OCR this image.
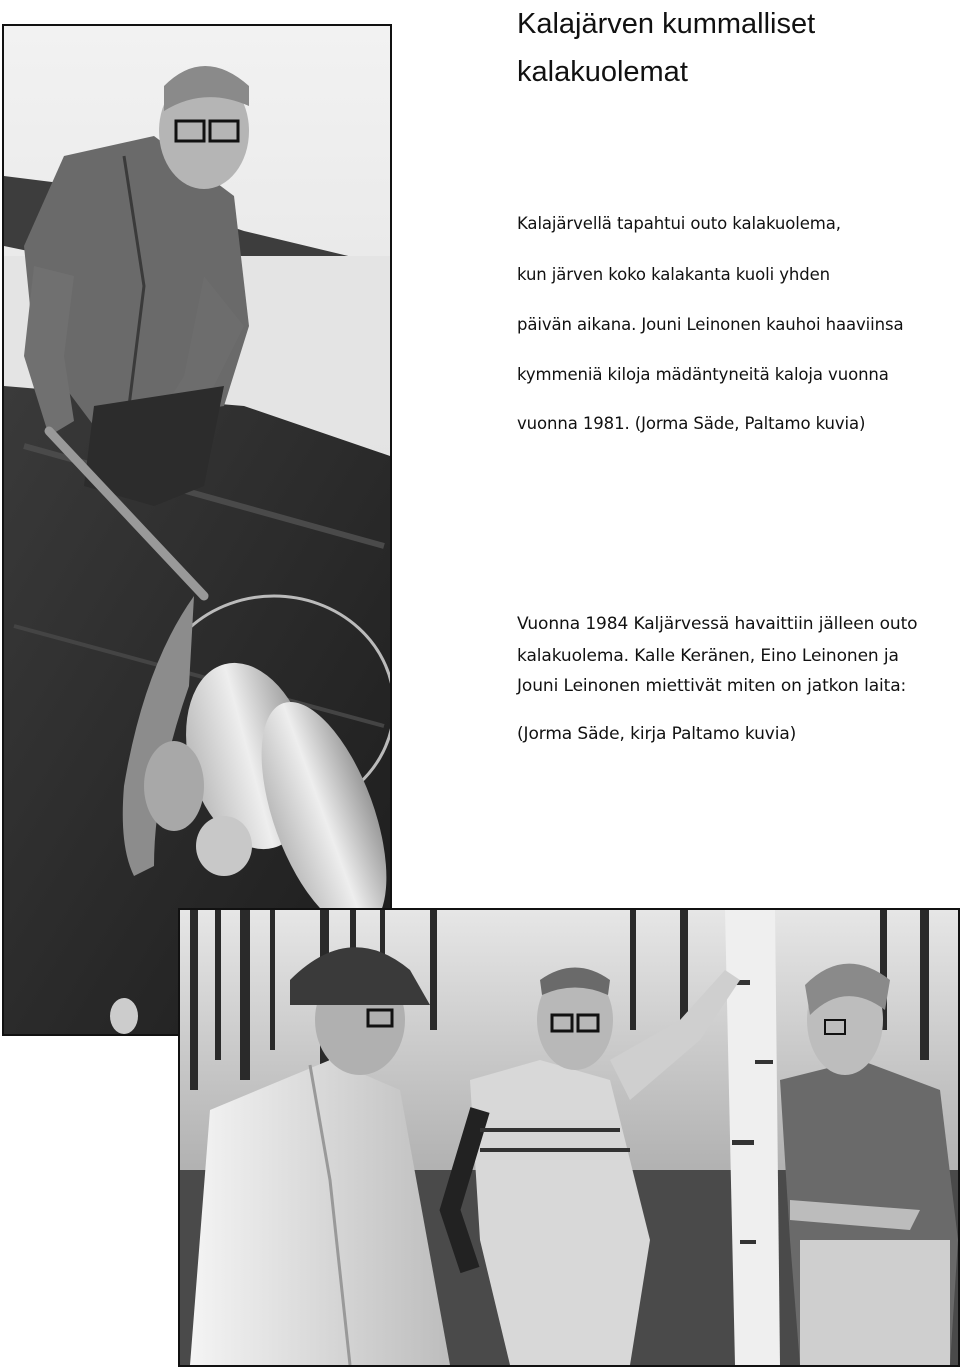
Kalajärven kummalliset
kalakuolemat
Kalajärvellä tapahtui outo kalakuolema,
kun järven koko kalakanta kuoli yhden
päivän aikana. Jouni Leinonen kauhoi haaviinsa
kymmeniä kiloja mädäntyneitä kaloja vuonna
vuonna 1981. (Jorma Säde, Paltamo kuvia)
Vuonna 1984 Kaljärvessä havaittiin jälleen outo
kalakuolema. Kalle Keränen, Eino Leinonen ja
Jouni Leinonen miettivät miten on jatkon laita:
(Jorma Säde, kirja Paltamo kuvia)
